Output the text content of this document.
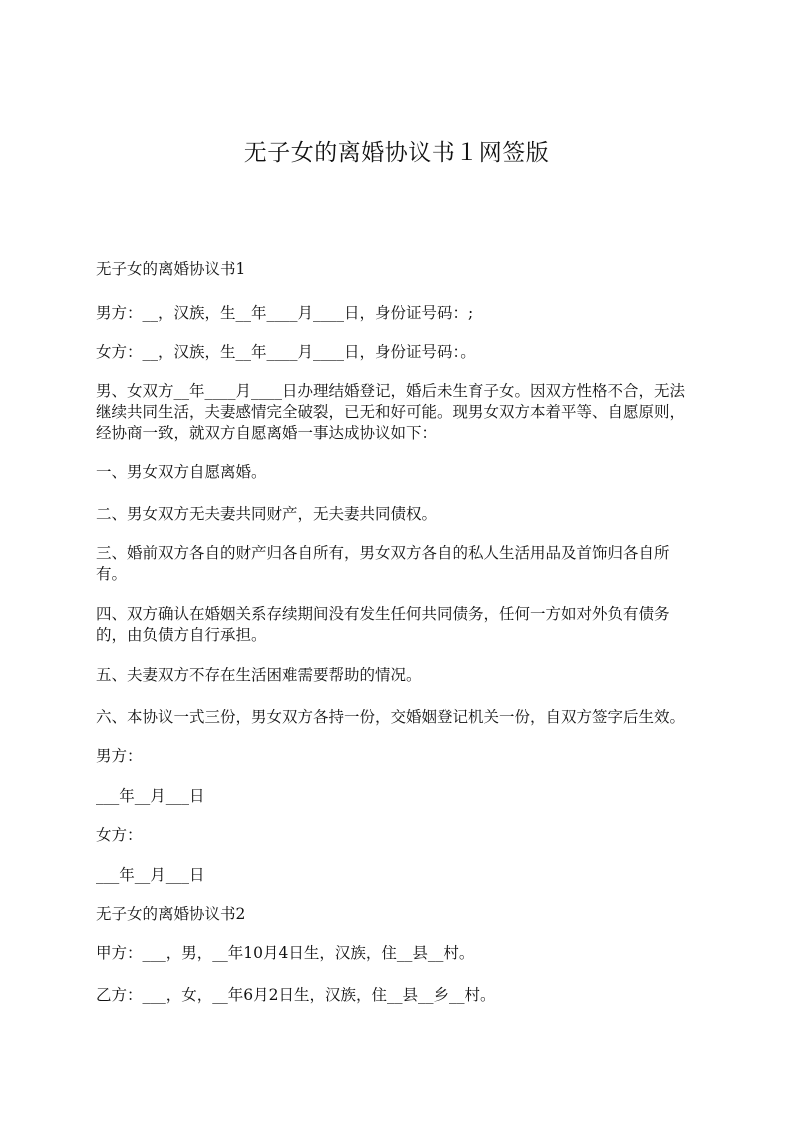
无子女的离婚协议书１网签版
无子女的离婚协议书1
男方：__，汉族，生__年____月____日，身份证号码：;
女方：__，汉族，生__年____月____日，身份证号码：。
男、女双方__年____月____日办理结婚登记，婚后未生育子女。因双方性格不合，无法继续共同生活，夫妻感情完全破裂，已无和好可能。现男女双方本着平等、自愿原则，经协商一致，就双方自愿离婚一事达成协议如下：
一、男女双方自愿离婚。
二、男女双方无夫妻共同财产，无夫妻共同债权。
三、婚前双方各自的财产归各自所有，男女双方各自的私人生活用品及首饰归各自所有。
四、双方确认在婚姻关系存续期间没有发生任何共同债务，任何一方如对外负有债务的，由负债方自行承担。
五、夫妻双方不存在生活困难需要帮助的情况。
六、本协议一式三份，男女双方各持一份，交婚姻登记机关一份，自双方签字后生效。
男方：
___年__月___日
女方：
___年__月___日
无子女的离婚协议书2
甲方：___，男，__年10月4日生，汉族，住__县__村。
乙方：___，女，__年6月2日生，汉族，住__县__乡__村。
